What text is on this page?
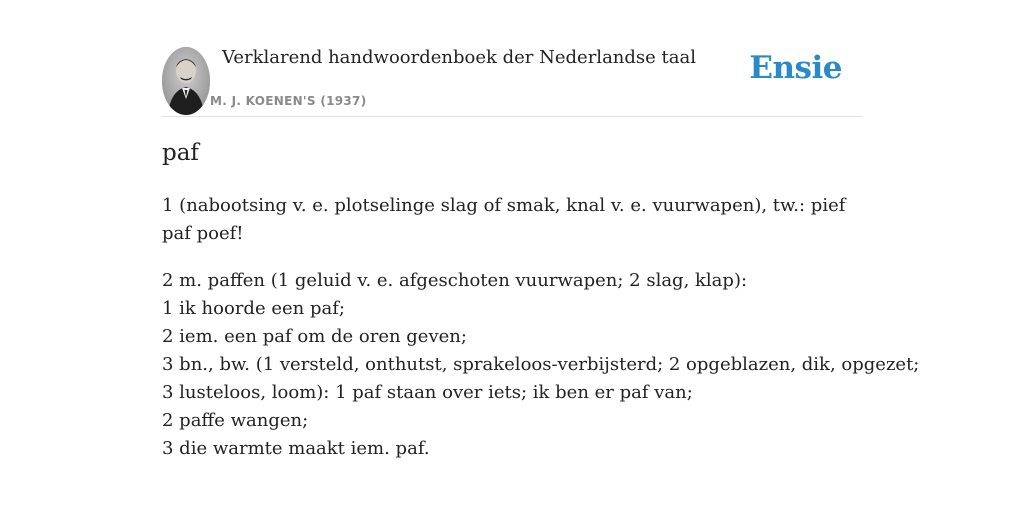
Verklarend handwoordenboek der Nederlandse taal
M. J. KOENEN'S (1937)
Ensie
paf

1 (nabootsing v. e. plotselinge slag of smak, knal v. e. vuurwapen), tw.: pief paf poef!

2 m. paffen (1 geluid v. e. afgeschoten vuurwapen; 2 slag, klap):
1 ik hoorde een paf;
2 iem. een paf om de oren geven;
3 bn., bw. (1 versteld, onthutst, sprakeloos-verbijsterd; 2 opgeblazen, dik, opgezet;
3 lusteloos, loom): 1 paf staan over iets; ik ben er paf van;
2 paffe wangen;
3 die warmte maakt iem. paf.
